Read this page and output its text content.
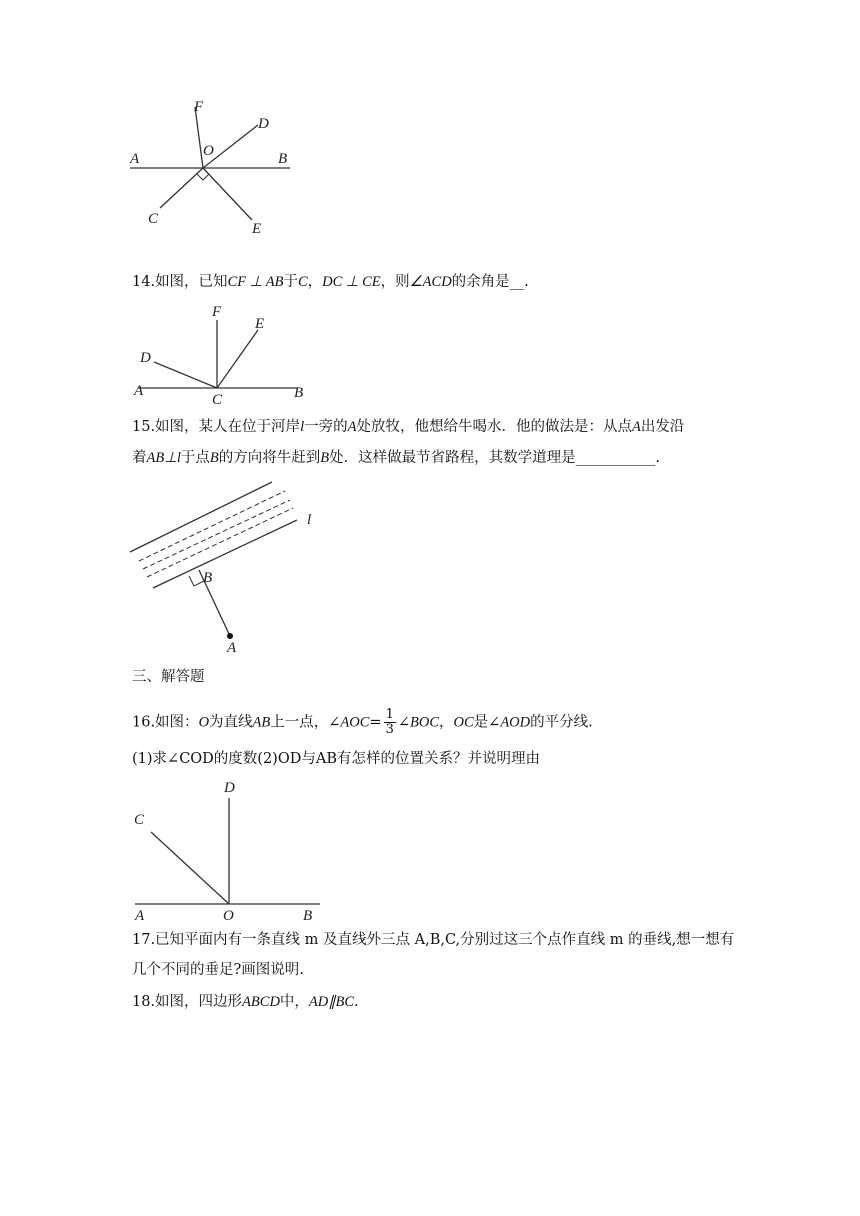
F
D
O
A	B
C
E
14.如图，已知CF ⊥ AB于C，DC ⊥ CE，则∠ACD的余角是__.
F
E
D
A
C	B
15.如图，某人在位于河岸l一旁的A处放牧，他想给牛喝水．他的做法是：从点A出发沿
着AB⊥l于点B的方向将牛赶到B处．这样做最节省路程，其数学道理是___________.
l
B
A
三、解答题
16.如图：O为直线AB上一点，∠AOC= $\frac{1}{3}$ ∠BOC，OC是∠AOD的平分线.
(1)求∠COD的度数(2)OD与AB有怎样的位置关系？并说明理由
D
C
A	O	B
17.已知平面内有一条直线 m 及直线外三点 A,B,C,分别过这三个点作直线 m 的垂线,想一想有
几个不同的垂足?画图说明.
18.如图，四边形ABCD中，AD∥BC.
